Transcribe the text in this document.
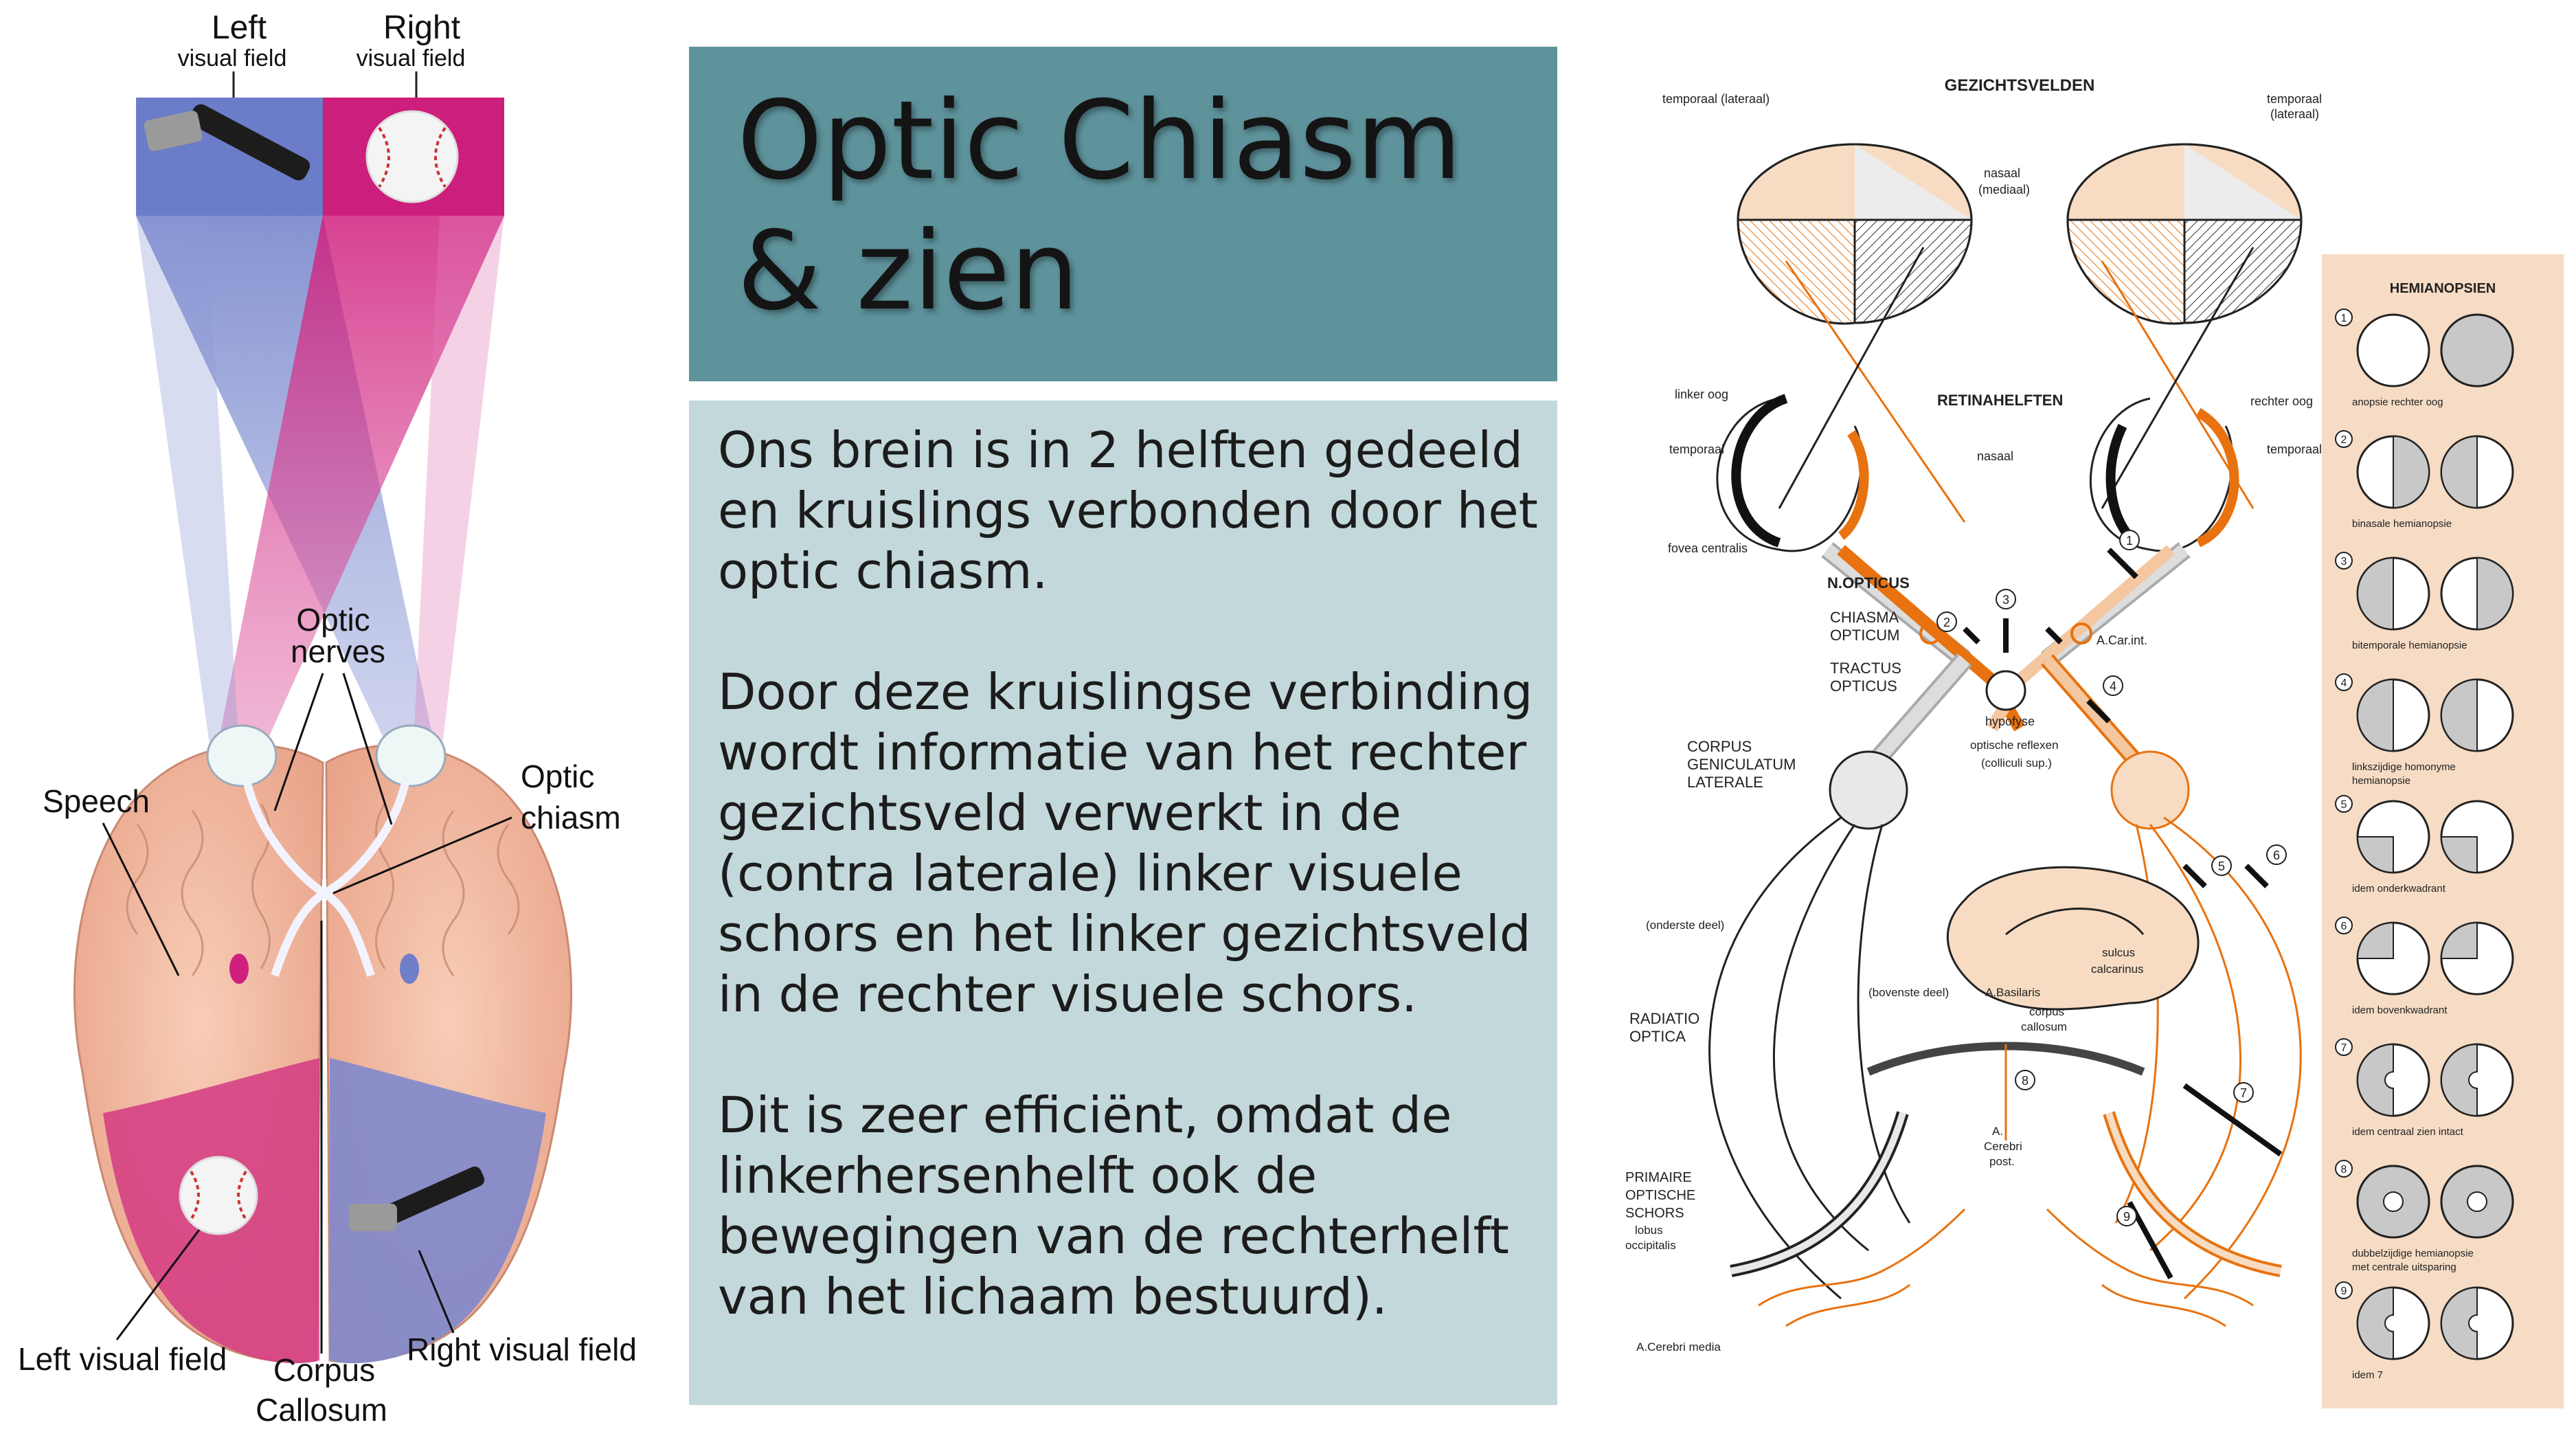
Left
visual field
Right
visual field
Optic
nerves
Optic
chiasm
Speech
Left visual field Corpus
Callosum
Right visual field
Optic Chiasm
& zien

Ons brein is in 2 helften gedeeld en kruislings verbonden door het optic chiasm.

Door deze kruislingse verbinding wordt informatie van het rechter gezichtsveld verwerkt in de (contra laterale) linker visuele schors en het linker gezichtsveld in de rechter visuele schors.

Dit is zeer efficiënt, omdat de linkerhersenhelft ook de bewegingen van de rechterhelft van het lichaam bestuurd).

GEZICHTSVELDEN
temporaal (lateraal)	temporaal
(lateraal)
nasaal
(mediaal)
linker oog	rechter oog
RETINAHELFTEN
temporaal	nasaal	temporaal
fovea centralis
N.OPTICUS
CHIASMA
OPTICUM
TRACTUS
OPTICUS
A.Car.int.
hypofyse
optische reflexen
(colliculi sup.)
CORPUS
GENICULATUM
LATERALE
(onderste deel)
(bovenste deel)
sulcus
calcarinus
RADIATIO
OPTICA
A.Basilaris
corpus
callosum
PRIMAIRE
OPTISCHE
SCHORS
lobus
occipitalis
A.
Cerebri
post.
A.Cerebri media
1
2
3
4
5
6
7
8
9
HEMIANOPSIEN
1
anopsie rechter oog
2
binasale hemianopsie
3
bitemporale hemianopsie
4
linkszijdige homonyme
hemianopsie
5
idem onderkwadrant
6
idem bovenkwadrant
7
idem centraal zien intact
8
dubbelzijdige hemianopsie
met centrale uitsparing
9
idem 7
